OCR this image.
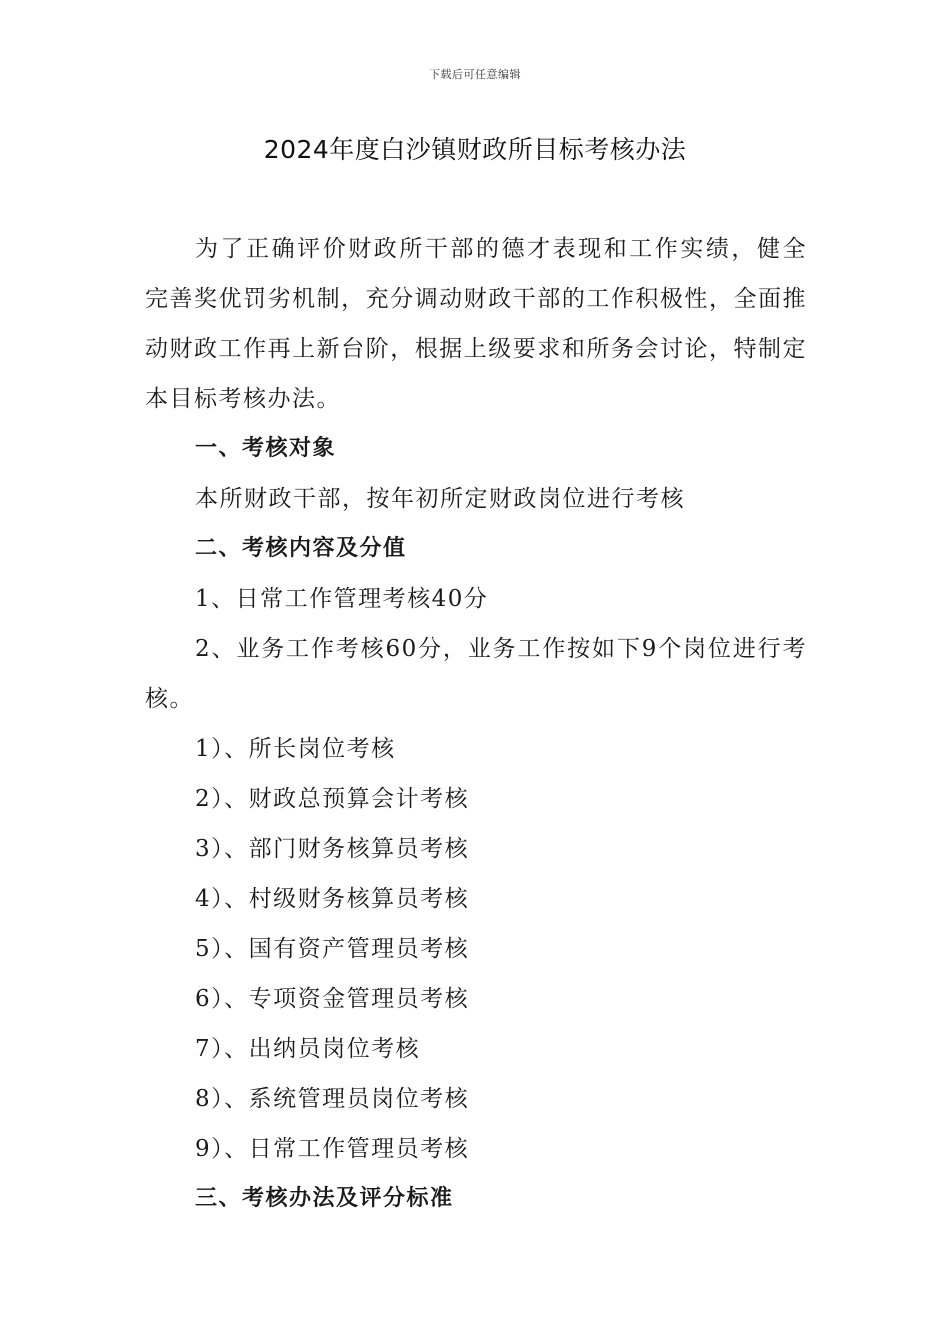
下载后可任意编辑
2024年度白沙镇财政所目标考核办法
为了正确评价财政所干部的德才表现和工作实绩，健全完善奖优罚劣机制，充分调动财政干部的工作积极性，全面推动财政工作再上新台阶，根据上级要求和所务会讨论，特制定本目标考核办法。
一、考核对象
本所财政干部，按年初所定财政岗位进行考核
二、考核内容及分值
1、日常工作管理考核40分
2、业务工作考核60分，业务工作按如下9个岗位进行考核。
1）、所长岗位考核
2）、财政总预算会计考核
3）、部门财务核算员考核
4）、村级财务核算员考核
5）、国有资产管理员考核
6）、专项资金管理员考核
7）、出纳员岗位考核
8）、系统管理员岗位考核
9）、日常工作管理员考核
三、考核办法及评分标准
